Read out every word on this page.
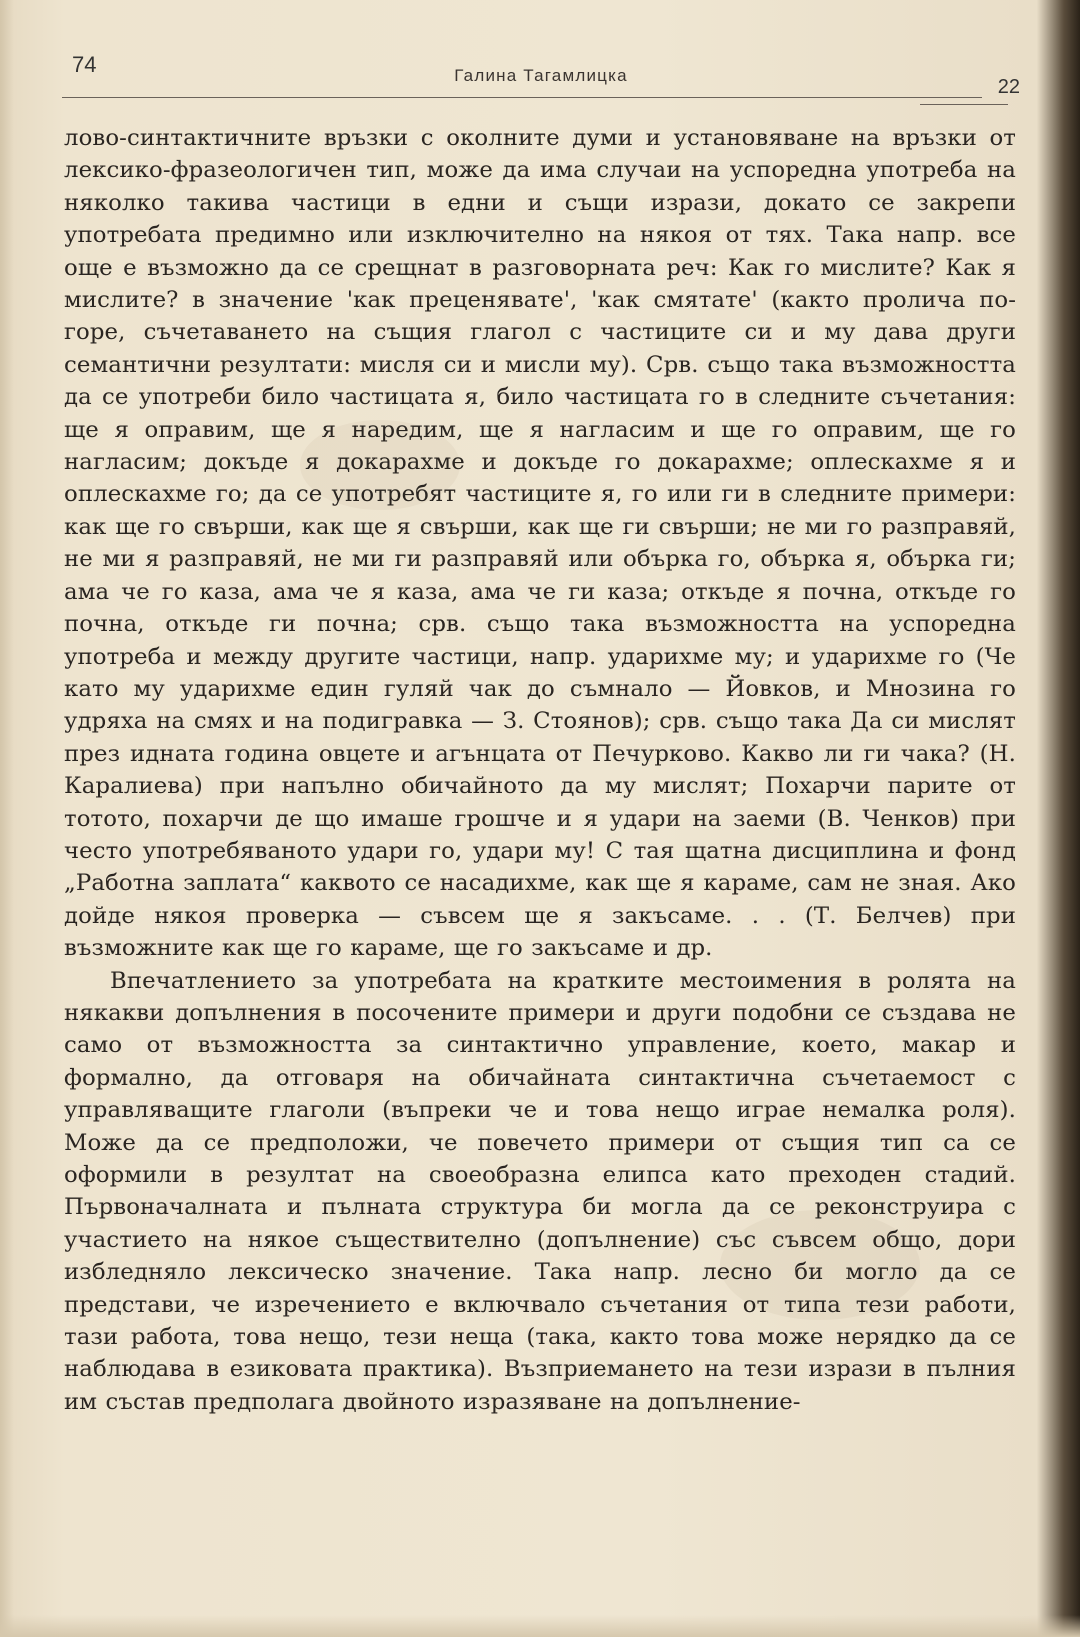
74	Галина Тагамлицка
22

лово-синтактичните връзки с околните думи и установяване на връзки от лексико-фразеологичен тип, може да има случаи на успоредна употреба на няколко такива частици в едни и същи изрази, докато се закрепи употребата предимно или изключително на някоя от тях. Така напр. все още е възможно да се срещнат в разговорната реч: Как го мислите? Как я мислите? в значение 'как преценявате', 'как смятате' (както пролича по-горе, съчетаването на същия глагол с частиците си и му дава други семантични резултати: мисля си и мисли му). Срв. също така възможността да се употреби било частицата я, било частицата го в следните съчетания: ще я оправим, ще я наредим, ще я нагласим и ще го оправим, ще го нагласим; докъде я докарахме и докъде го докарахме; оплескахме я и оплескахме го; да се употребят частиците я, го или ги в следните примери: как ще го свърши, как ще я свърши, как ще ги свърши; не ми го разправяй, не ми я разправяй, не ми ги разправяй или обърка го, обърка я, обърка ги; ама че го каза, ама че я каза, ама че ги каза; откъде я почна, откъде го почна, откъде ги почна; срв. също така възможността на успоредна употреба и между другите частици, напр. ударихме му; и ударихме го (Че като му ударихме един гуляй чак до съмнало — Йовков, и Мнозина го удряха на смях и на подигравка — З. Стоянов); срв. също така Да си мислят през идната година овцете и агънцата от Печурково. Какво ли ги чака? (Н. Каралиева) при напълно обичайното да му мислят; Похарчи парите от тотото, похарчи де що имаше грошче и я удари на заеми (В. Ченков) при често употребяваното удари го, удари му! С тая щатна дисциплина и фонд „Работна заплата“ каквото се насадихме, как ще я караме, сам не зная. Ако дойде някоя проверка — съвсем ще я закъсаме. . . (Т. Белчев) при възможните как ще го караме, ще го закъсаме и др.

Впечатлението за употребата на кратките местоимения в ролята на някакви допълнения в посочените примери и други подобни се създава не само от възможността за синтактично управление, което, макар и формално, да отговаря на обичайната синтактична съчетаемост с управляващите глаголи (въпреки че и това нещо играе немалка роля). Може да се предположи, че повечето примери от същия тип са се оформили в резултат на своеобразна елипса като преходен стадий. Първоначалната и пълната структура би могла да се реконструира с участието на някое съществително (допълнение) със съвсем общо, дори избледняло лексическо значение. Така напр. лесно би могло да се представи, че изречението е включвало съчетания от типа тези работи, тази работа, това нещо, тези неща (така, както това може нерядко да се наблюдава в езиковата практика). Възприемането на тези изрази в пълния им състав предполага двойното изразяване на допълнение-
